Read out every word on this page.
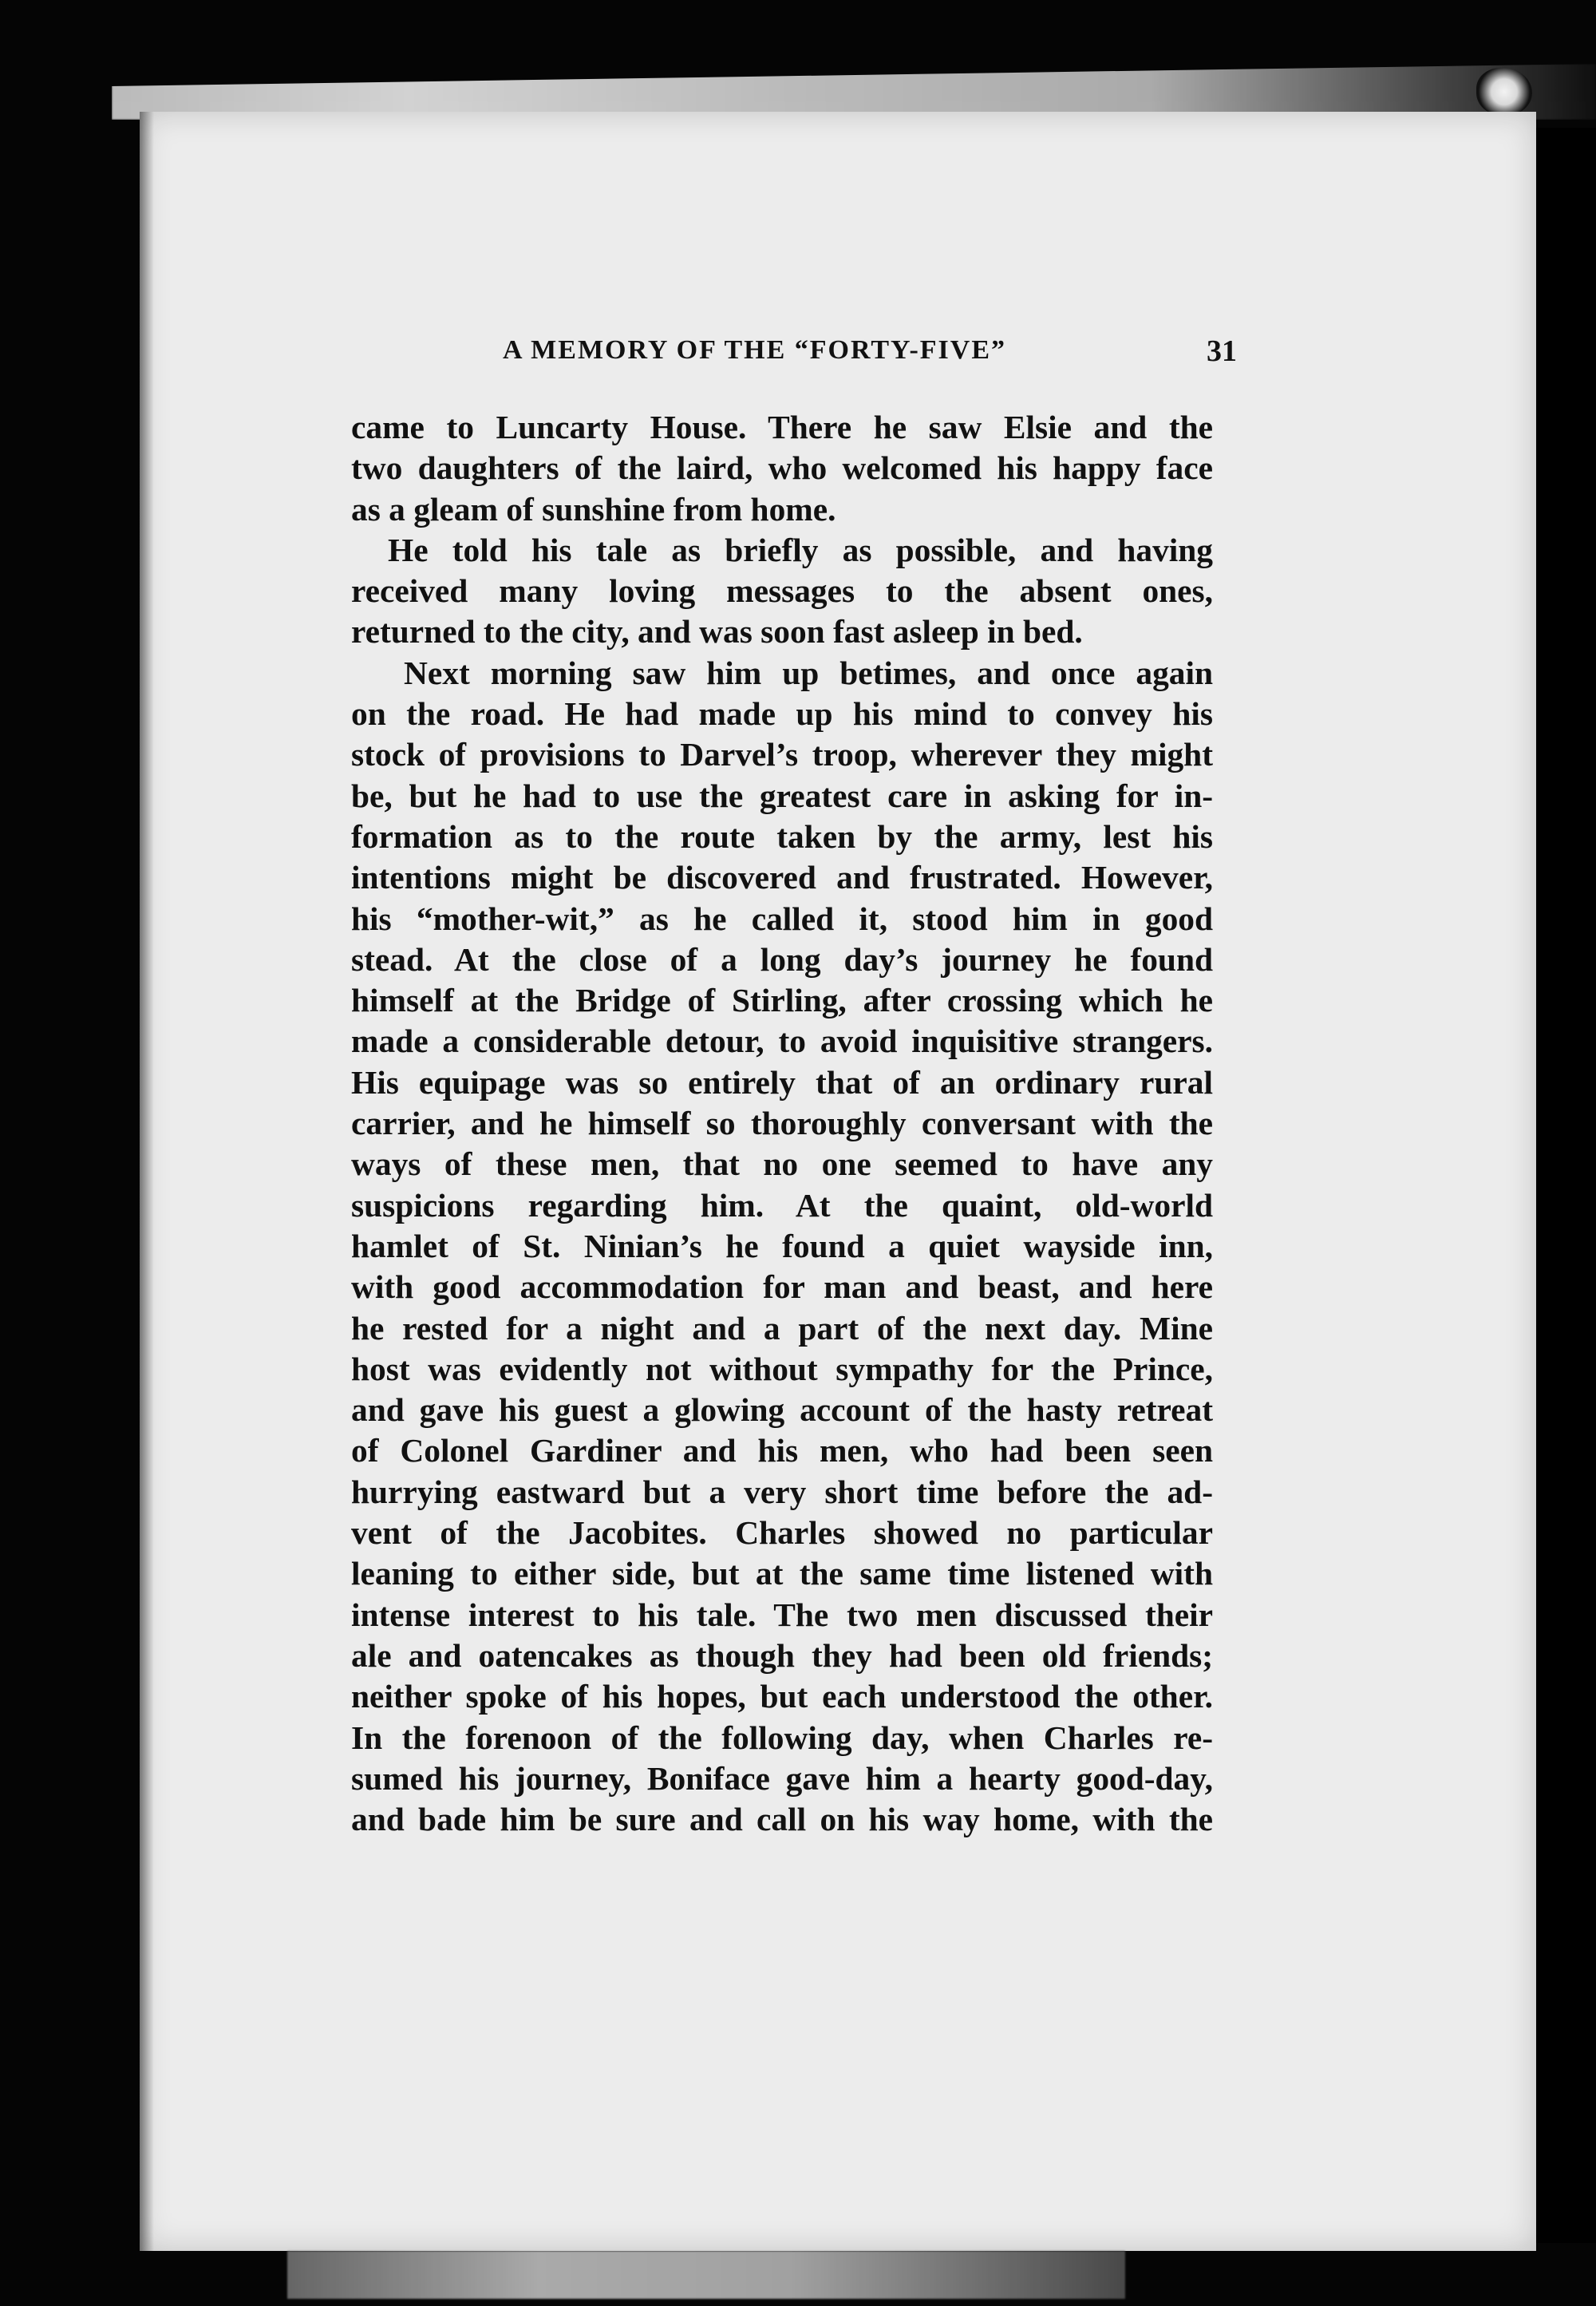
A MEMORY OF THE “FORTY-FIVE”	31

came to Luncarty House. There he saw Elsie and the
two daughters of the laird, who welcomed his happy face
as a gleam of sunshine from home.

He told his tale as briefly as possible, and having
received many loving messages to the absent ones,
returned to the city, and was soon fast asleep in bed.

Next morning saw him up betimes, and once again
on the road. He had made up his mind to convey his
stock of provisions to Darvel’s troop, wherever they might
be, but he had to use the greatest care in asking for in-
formation as to the route taken by the army, lest his
intentions might be discovered and frustrated. However,
his “mother-wit,” as he called it, stood him in good
stead. At the close of a long day’s journey he found
himself at the Bridge of Stirling, after crossing which he
made a considerable detour, to avoid inquisitive strangers.
His equipage was so entirely that of an ordinary rural
carrier, and he himself so thoroughly conversant with the
ways of these men, that no one seemed to have any
suspicions regarding him. At the quaint, old-world
hamlet of St. Ninian’s he found a quiet wayside inn,
with good accommodation for man and beast, and here
he rested for a night and a part of the next day. Mine
host was evidently not without sympathy for the Prince,
and gave his guest a glowing account of the hasty retreat
of Colonel Gardiner and his men, who had been seen
hurrying eastward but a very short time before the ad-
vent of the Jacobites. Charles showed no particular
leaning to either side, but at the same time listened with
intense interest to his tale. The two men discussed their
ale and oatencakes as though they had been old friends;
neither spoke of his hopes, but each understood the other.
In the forenoon of the following day, when Charles re-
sumed his journey, Boniface gave him a hearty good-day,
and bade him be sure and call on his way home, with the
